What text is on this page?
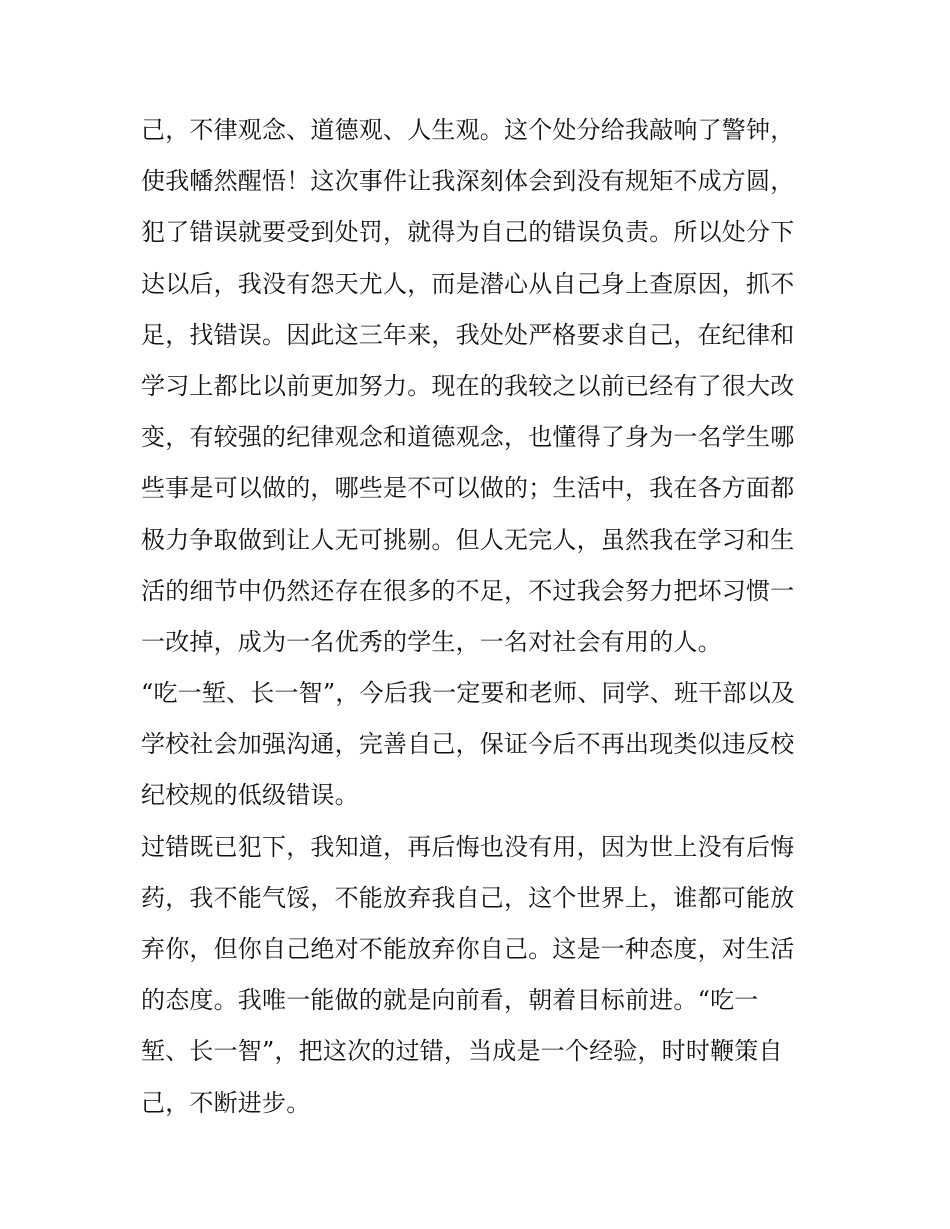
己，不律观念、道德观、人生观。这个处分给我敲响了警钟，
使我幡然醒悟！这次事件让我深刻体会到没有规矩不成方圆，
犯了错误就要受到处罚，就得为自己的错误负责。所以处分下
达以后，我没有怨天尤人，而是潜心从自己身上查原因，抓不
足，找错误。因此这三年来，我处处严格要求自己，在纪律和
学习上都比以前更加努力。现在的我较之以前已经有了很大改
变，有较强的纪律观念和道德观念，也懂得了身为一名学生哪
些事是可以做的，哪些是不可以做的；生活中，我在各方面都
极力争取做到让人无可挑剔。但人无完人，虽然我在学习和生
活的细节中仍然还存在很多的不足，不过我会努力把坏习惯一
一改掉，成为一名优秀的学生，一名对社会有用的人。
“吃一堑、长一智”，今后我一定要和老师、同学、班干部以及
学校社会加强沟通，完善自己，保证今后不再出现类似违反校
纪校规的低级错误。
过错既已犯下，我知道，再后悔也没有用，因为世上没有后悔
药，我不能气馁，不能放弃我自己，这个世界上，谁都可能放
弃你，但你自己绝对不能放弃你自己。这是一种态度，对生活
的态度。我唯一能做的就是向前看，朝着目标前进。“吃一
堑、长一智”，把这次的过错，当成是一个经验，时时鞭策自
己，不断进步。
